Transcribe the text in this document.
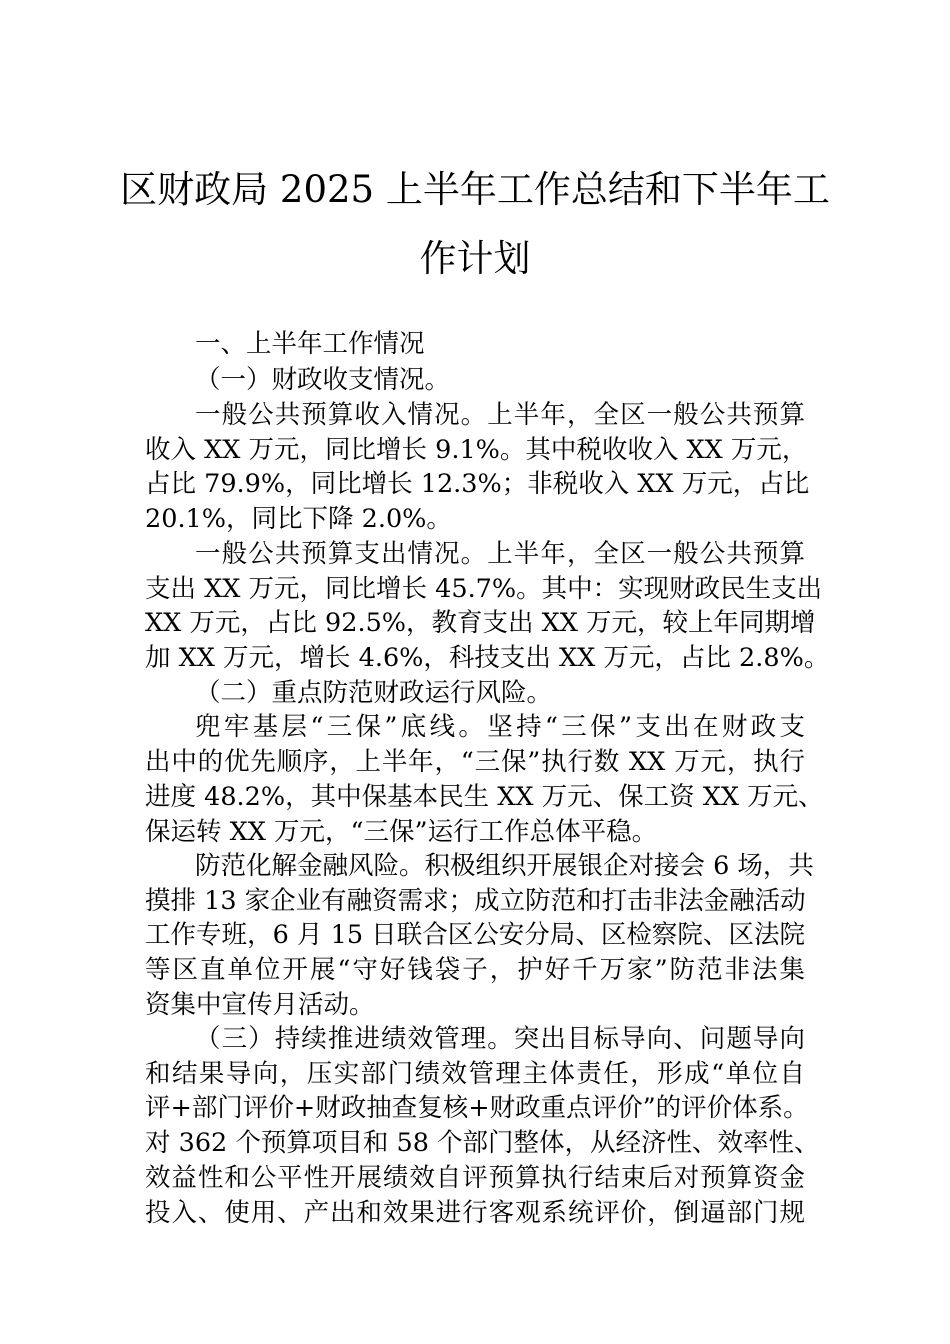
区财政局 2025 上半年工作总结和下半年工
作计划
一、上半年工作情况
（一）财政收支情况。
一般公共预算收入情况。上半年，全区一般公共预算
收入 XX 万元，同比增长 9.1%。其中税收收入 XX 万元，
占比 79.9%，同比增长 12.3%；非税收入 XX 万元，占比
20.1%，同比下降 2.0%。
一般公共预算支出情况。上半年，全区一般公共预算
支出 XX 万元，同比增长 45.7%。其中：实现财政民生支出
XX 万元，占比 92.5%，教育支出 XX 万元，较上年同期增
加 XX 万元，增长 4.6%，科技支出 XX 万元，占比 2.8%。
（二）重点防范财政运行风险。
兜牢基层“三保”底线。坚持“三保”支出在财政支
出中的优先顺序，上半年，“三保”执行数 XX 万元，执行
进度 48.2%，其中保基本民生 XX 万元、保工资 XX 万元、
保运转 XX 万元，“三保”运行工作总体平稳。
防范化解金融风险。积极组织开展银企对接会 6 场，共
摸排 13 家企业有融资需求；成立防范和打击非法金融活动
工作专班，6 月 15 日联合区公安分局、区检察院、区法院
等区直单位开展“守好钱袋子，护好千万家”防范非法集
资集中宣传月活动。
（三）持续推进绩效管理。突出目标导向、问题导向
和结果导向，压实部门绩效管理主体责任，形成“单位自
评+部门评价+财政抽查复核+财政重点评价”的评价体系。
对 362 个预算项目和 58 个部门整体，从经济性、效率性、
效益性和公平性开展绩效自评预算执行结束后对预算资金
投入、使用、产出和效果进行客观系统评价，倒逼部门规
